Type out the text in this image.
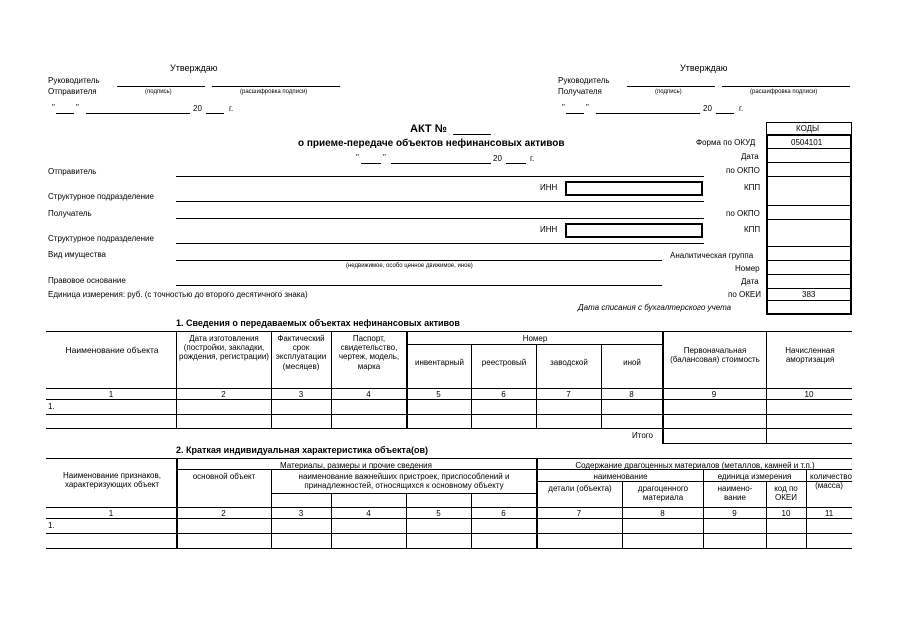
Утверждаю
Руководитель
Отправителя	(подпись)	(расшифровка подписи)
"	"	20	г.
Утверждаю
Руководитель
Получателя	(подпись)	(расшифровка подписи)
"	"	20	г.
АКТ №
о приеме-передаче объектов нефинансовых активов
"	"	20	г.
КОДЫ
Форма по ОКУД	0504101
Дата
по ОКПО
КПП
по ОКПО
КПП
Аналитическая группа
Номер
Дата
по ОКЕИ	383
Дата списания с бухгалтерского учета
Отправитель
ИНН
Структурное подразделение
Получатель
ИНН
Структурное подразделение
Вид имущества
(недвижимое, особо ценное движимое, иное)
Правовое основание
Единица измерения: руб. (с точностью до второго десятичного знака)
1. Сведения о передаваемых объектах нефинансовых активов
Наименование объекта
Дата изготовления (постройки, закладки, рождения, регистрации)
Фактический срок эксплуатации (месяцев)
Паспорт, свидетельство, чертеж, модель, марка
Номер
инвентарный	реестровый	заводской	иной
Первоначальная (балансовая) стоимость
Начисленная амортизация
1	2	3	4	5	6	7	8	9	10
1.
Итого
2. Краткая индивидуальная характеристика объекта(ов)
Наименование признаков, характеризующих объект
Материалы, размеры и прочие сведения
основной объект	наименование важнейших пристроек, приспособлений и принадлежностей, относящихся к основному объекту
Содержание драгоценных материалов (металлов, камней и т.п.)
наименование	единица измерения	количество (масса)
детали (объекта)	драгоценного материала
наимено- вание
код по ОКЕИ
1	2	3	4	5	6	7	8	9	10	11
1.
